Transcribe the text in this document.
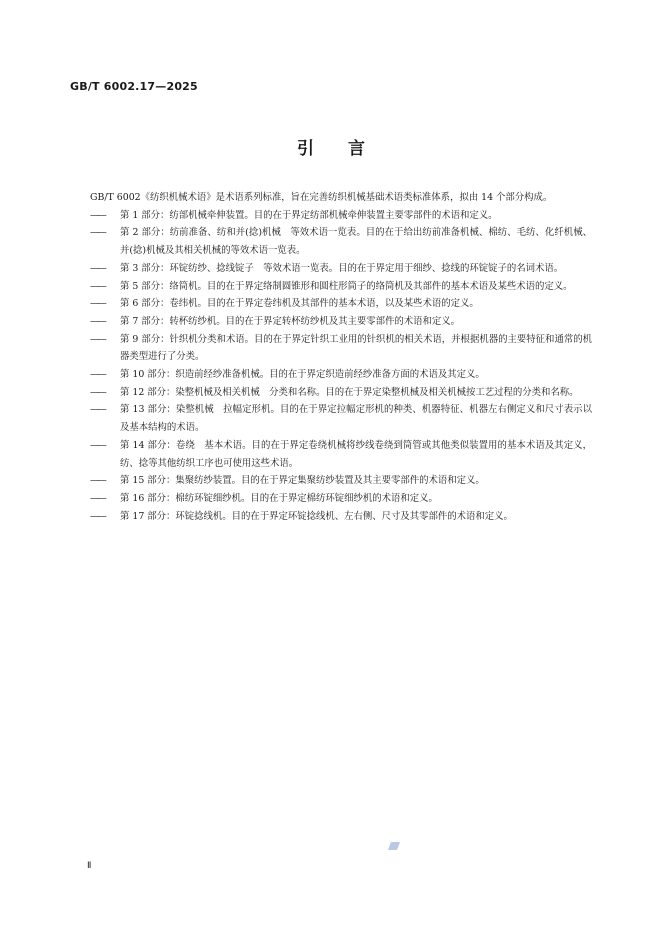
GB/T 6002.17—2025
引言

GB/T 6002《纺织机械术语》是术语系列标准，旨在完善纺织机械基础术语类标准体系，拟由 14 个部分构成。

——	第 1 部分：纺部机械牵伸装置。目的在于界定纺部机械牵伸装置主要零部件的术语和定义。
——	第 2 部分：纺前准备、纺和并(捻)机械　等效术语一览表。目的在于给出纺前准备机械、棉纺、毛纺、化纤机械、并(捻)机械及其相关机械的等效术语一览表。
——	第 3 部分：环锭纺纱、捻线锭子　等效术语一览表。目的在于界定用于细纱、捻线的环锭锭子的名词术语。
——	第 5 部分：络筒机。目的在于界定络制圆锥形和圆柱形筒子的络筒机及其部件的基本术语及某些术语的定义。
——	第 6 部分：卷纬机。目的在于界定卷纬机及其部件的基本术语，以及某些术语的定义。
——	第 7 部分：转杯纺纱机。目的在于界定转杯纺纱机及其主要零部件的术语和定义。
——	第 9 部分：针织机分类和术语。目的在于界定针织工业用的针织机的相关术语，并根据机器的主要特征和通常的机器类型进行了分类。
——	第 10 部分：织造前经纱准备机械。目的在于界定织造前经纱准备方面的术语及其定义。
——	第 12 部分：染整机械及相关机械　分类和名称。目的在于界定染整机械及相关机械按工艺过程的分类和名称。
——	第 13 部分：染整机械　拉幅定形机。目的在于界定拉幅定形机的种类、机器特征、机器左右侧定义和尺寸表示以及基本结构的术语。
——	第 14 部分：卷绕　基本术语。目的在于界定卷绕机械将纱线卷绕到筒管或其他类似装置用的基本术语及其定义，纺、捻等其他纺织工序也可使用这些术语。
——	第 15 部分：集聚纺纱装置。目的在于界定集聚纺纱装置及其主要零部件的术语和定义。
——	第 16 部分：棉纺环锭细纱机。目的在于界定棉纺环锭细纱机的术语和定义。
——	第 17 部分：环锭捻线机。目的在于界定环锭捻线机、左右侧、尺寸及其零部件的术语和定义。
Ⅱ
